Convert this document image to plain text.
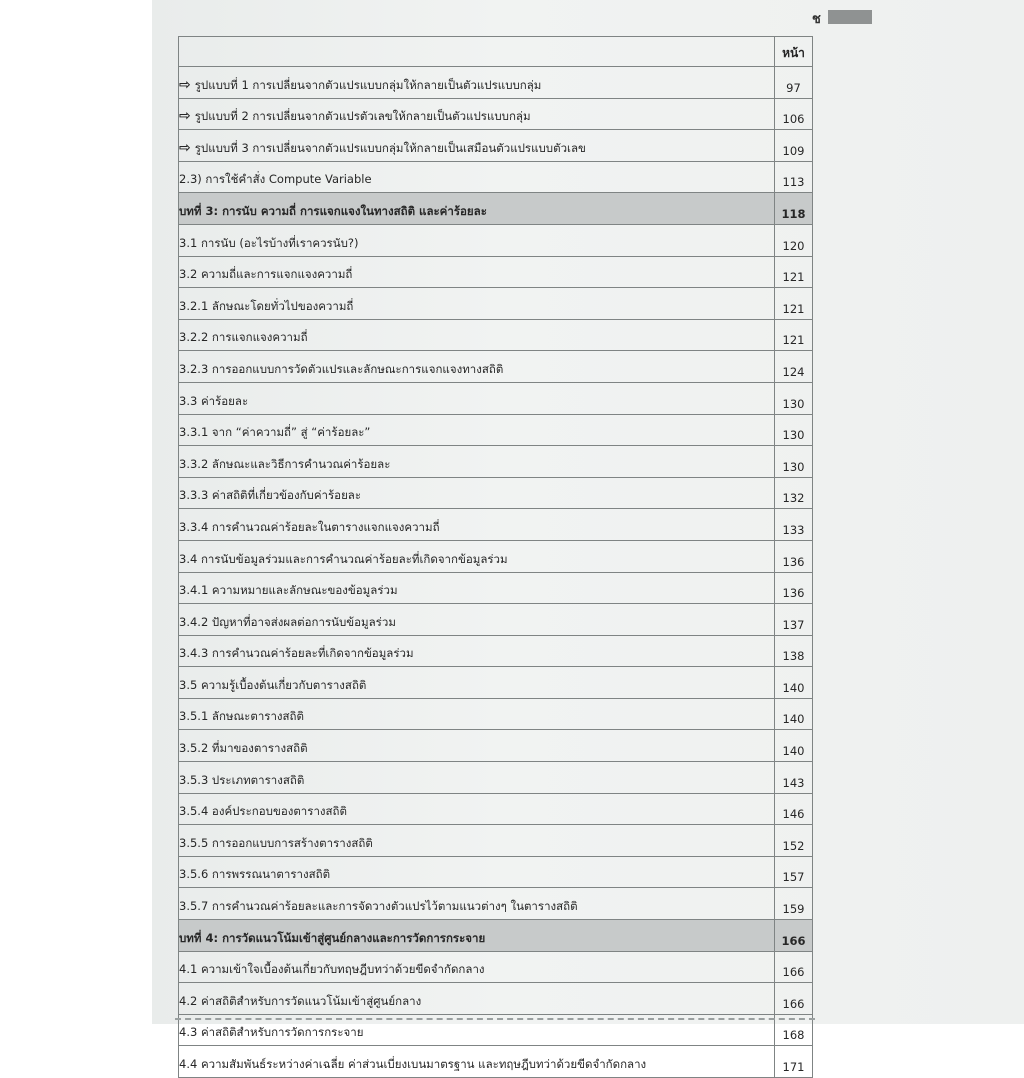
ช
	หน้า
⇨ รูปแบบที่ 1 การเปลี่ยนจากตัวแปรแบบกลุ่มให้กลายเป็นตัวแปรแบบกลุ่ม	97
⇨ รูปแบบที่ 2 การเปลี่ยนจากตัวแปรตัวเลขให้กลายเป็นตัวแปรแบบกลุ่ม	106
⇨ รูปแบบที่ 3 การเปลี่ยนจากตัวแปรแบบกลุ่มให้กลายเป็นเสมือนตัวแปรแบบตัวเลข	109
2.3) การใช้คำสั่ง Compute Variable	113
บทที่ 3: การนับ ความถี่ การแจกแจงในทางสถิติ และค่าร้อยละ	118
3.1 การนับ (อะไรบ้างที่เราควรนับ?)	120
3.2 ความถี่และการแจกแจงความถี่	121
3.2.1 ลักษณะโดยทั่วไปของความถี่	121
3.2.2 การแจกแจงความถี่	121
3.2.3 การออกแบบการวัดตัวแปรและลักษณะการแจกแจงทางสถิติ	124
3.3 ค่าร้อยละ	130
3.3.1 จาก “ค่าความถี่” สู่ “ค่าร้อยละ”	130
3.3.2 ลักษณะและวิธีการคำนวณค่าร้อยละ	130
3.3.3 ค่าสถิติที่เกี่ยวข้องกับค่าร้อยละ	132
3.3.4 การคำนวณค่าร้อยละในตารางแจกแจงความถี่	133
3.4 การนับข้อมูลร่วมและการคำนวณค่าร้อยละที่เกิดจากข้อมูลร่วม	136
3.4.1 ความหมายและลักษณะของข้อมูลร่วม	136
3.4.2 ปัญหาที่อาจส่งผลต่อการนับข้อมูลร่วม	137
3.4.3 การคำนวณค่าร้อยละที่เกิดจากข้อมูลร่วม	138
3.5 ความรู้เบื้องต้นเกี่ยวกับตารางสถิติ	140
3.5.1 ลักษณะตารางสถิติ	140
3.5.2 ที่มาของตารางสถิติ	140
3.5.3 ประเภทตารางสถิติ	143
3.5.4 องค์ประกอบของตารางสถิติ	146
3.5.5 การออกแบบการสร้างตารางสถิติ	152
3.5.6 การพรรณนาตารางสถิติ	157
3.5.7 การคำนวณค่าร้อยละและการจัดวางตัวแปรไว้ตามแนวต่างๆ ในตารางสถิติ	159
บทที่ 4: การวัดแนวโน้มเข้าสู่ศูนย์กลางและการวัดการกระจาย	166
4.1 ความเข้าใจเบื้องต้นเกี่ยวกับทฤษฎีบทว่าด้วยขีดจำกัดกลาง	166
4.2 ค่าสถิติสำหรับการวัดแนวโน้มเข้าสู่ศูนย์กลาง	166
4.3 ค่าสถิติสำหรับการวัดการกระจาย	168
4.4 ความสัมพันธ์ระหว่างค่าเฉลี่ย ค่าส่วนเบี่ยงเบนมาตรฐาน และทฤษฎีบทว่าด้วยขีดจำกัดกลาง	171
